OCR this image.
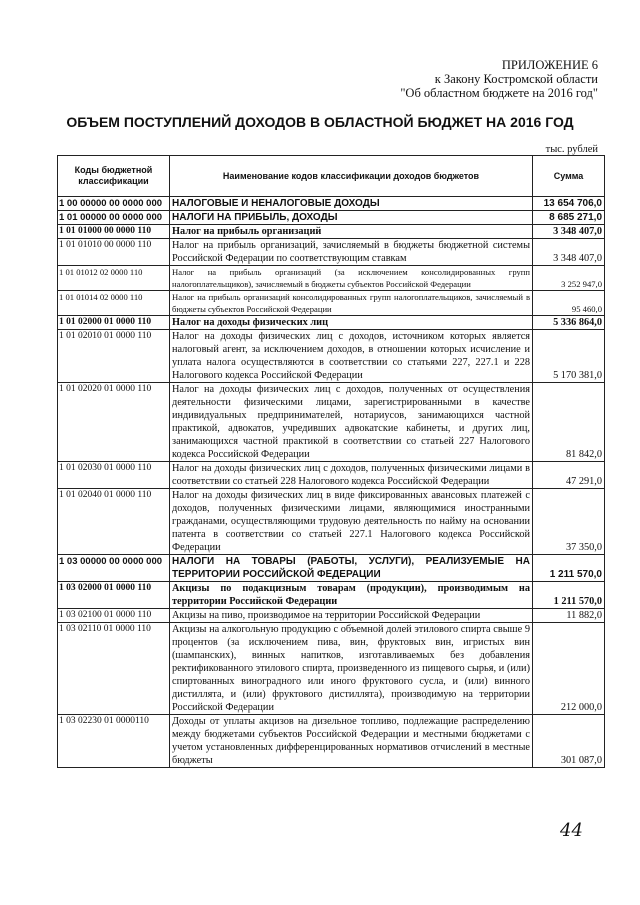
ПРИЛОЖЕНИЕ 6
к Закону Костромской области
"Об областном бюджете на 2016 год"
ОБЪЕМ ПОСТУПЛЕНИЙ ДОХОДОВ В ОБЛАСТНОЙ БЮДЖЕТ НА 2016 ГОД
тыс. рублей
Коды бюджетной классификации	Наименование кодов классификации доходов бюджетов	Сумма
1 00 00000 00 0000 000	НАЛОГОВЫЕ И НЕНАЛОГОВЫЕ ДОХОДЫ	13 654 706,0
1 01 00000 00 0000 000	НАЛОГИ НА ПРИБЫЛЬ, ДОХОДЫ	8 685 271,0
1 01 01000 00 0000 110	Налог на прибыль организаций	3 348 407,0
1 01 01010 00 0000 110	Налог на прибыль организаций, зачисляемый в бюджеты бюджетной системы Российской Федерации по соответствующим ставкам	3 348 407,0
1 01 01012 02 0000 110	Налог на прибыль организаций (за исключением консолидированных групп налогоплательщиков), зачисляемый в бюджеты субъектов Российской Федерации	3 252 947,0
1 01 01014 02 0000 110	Налог на прибыль организаций консолидированных групп налогоплательщиков, зачисляемый в бюджеты субъектов Российской Федерации	95 460,0
1 01 02000 01 0000 110	Налог на доходы физических лиц	5 336 864,0
1 01 02010 01 0000 110	Налог на доходы физических лиц с доходов, источником которых является налоговый агент, за исключением доходов, в отношении которых исчисление и уплата налога осуществляются в соответствии со статьями 227, 227.1 и 228 Налогового кодекса Российской Федерации	5 170 381,0
1 01 02020 01 0000 110	Налог на доходы физических лиц с доходов, полученных от осуществления деятельности физическими лицами, зарегистрированными в качестве индивидуальных предпринимателей, нотариусов, занимающихся частной практикой, адвокатов, учредивших адвокатские кабинеты, и других лиц, занимающихся частной практикой в соответствии со статьей 227 Налогового кодекса Российской Федерации	81 842,0
1 01 02030 01 0000 110	Налог на доходы физических лиц с доходов, полученных физическими лицами в соответствии со статьей 228 Налогового кодекса Российской Федерации	47 291,0
1 01 02040 01 0000 110	Налог на доходы физических лиц в виде фиксированных авансовых платежей с доходов, полученных физическими лицами, являющимися иностранными гражданами, осуществляющими трудовую деятельность по найму на основании патента в соответствии со статьей 227.1 Налогового кодекса Российской Федерации	37 350,0
1 03 00000 00 0000 000	НАЛОГИ НА ТОВАРЫ (РАБОТЫ, УСЛУГИ), РЕАЛИЗУЕМЫЕ НА ТЕРРИТОРИИ РОССИЙСКОЙ ФЕДЕРАЦИИ	1 211 570,0
1 03 02000 01 0000 110	Акцизы по подакцизным товарам (продукции), производимым на территории Российской Федерации	1 211 570,0
1 03 02100 01 0000 110	Акцизы на пиво, производимое на территории Российской Федерации	11 882,0
1 03 02110 01 0000 110	Акцизы на алкогольную продукцию с объемной долей этилового спирта свыше 9 процентов (за исключением пива, вин, фруктовых вин, игристых вин (шампанских), винных напитков, изготавливаемых без добавления ректификованного этилового спирта, произведенного из пищевого сырья, и (или) спиртованных виноградного или иного фруктового сусла, и (или) винного дистиллята, и (или) фруктового дистиллята), производимую на территории Российской Федерации	212 000,0
1 03 02230 01 0000110	Доходы от уплаты акцизов на дизельное топливо, подлежащие распределению между бюджетами субъектов Российской Федерации и местными бюджетами с учетом установленных дифференцированных нормативов отчислений в местные бюджеты	301 087,0
44
